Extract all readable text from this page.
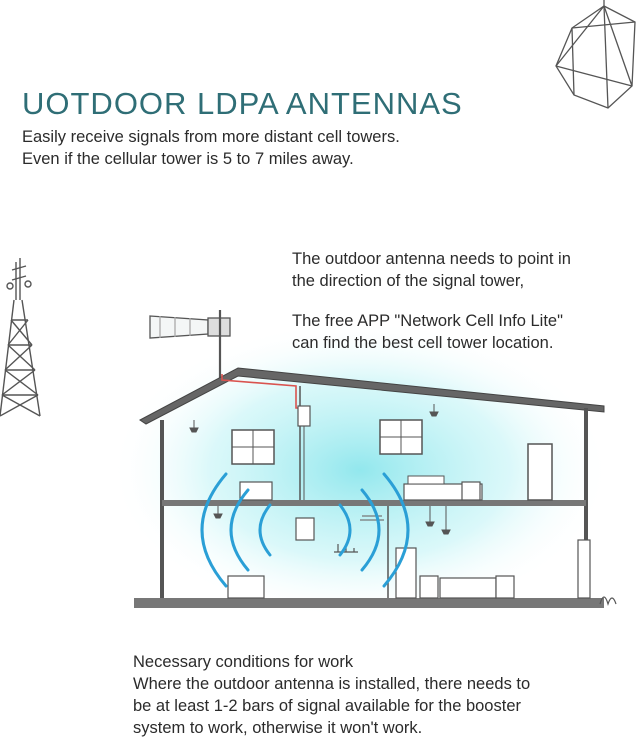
UOTDOOR LDPA ANTENNAS
Easily receive signals from more distant cell towers.
Even if the cellular tower is 5 to 7 miles away.
The outdoor antenna needs to point in
the direction of the signal tower,
The free APP "Network Cell Info Lite"
can find the best cell tower location.
Necessary conditions for work
Where the outdoor antenna is installed, there needs to
be at least 1-2 bars of signal available for the booster
system to work, otherwise it won't work.
